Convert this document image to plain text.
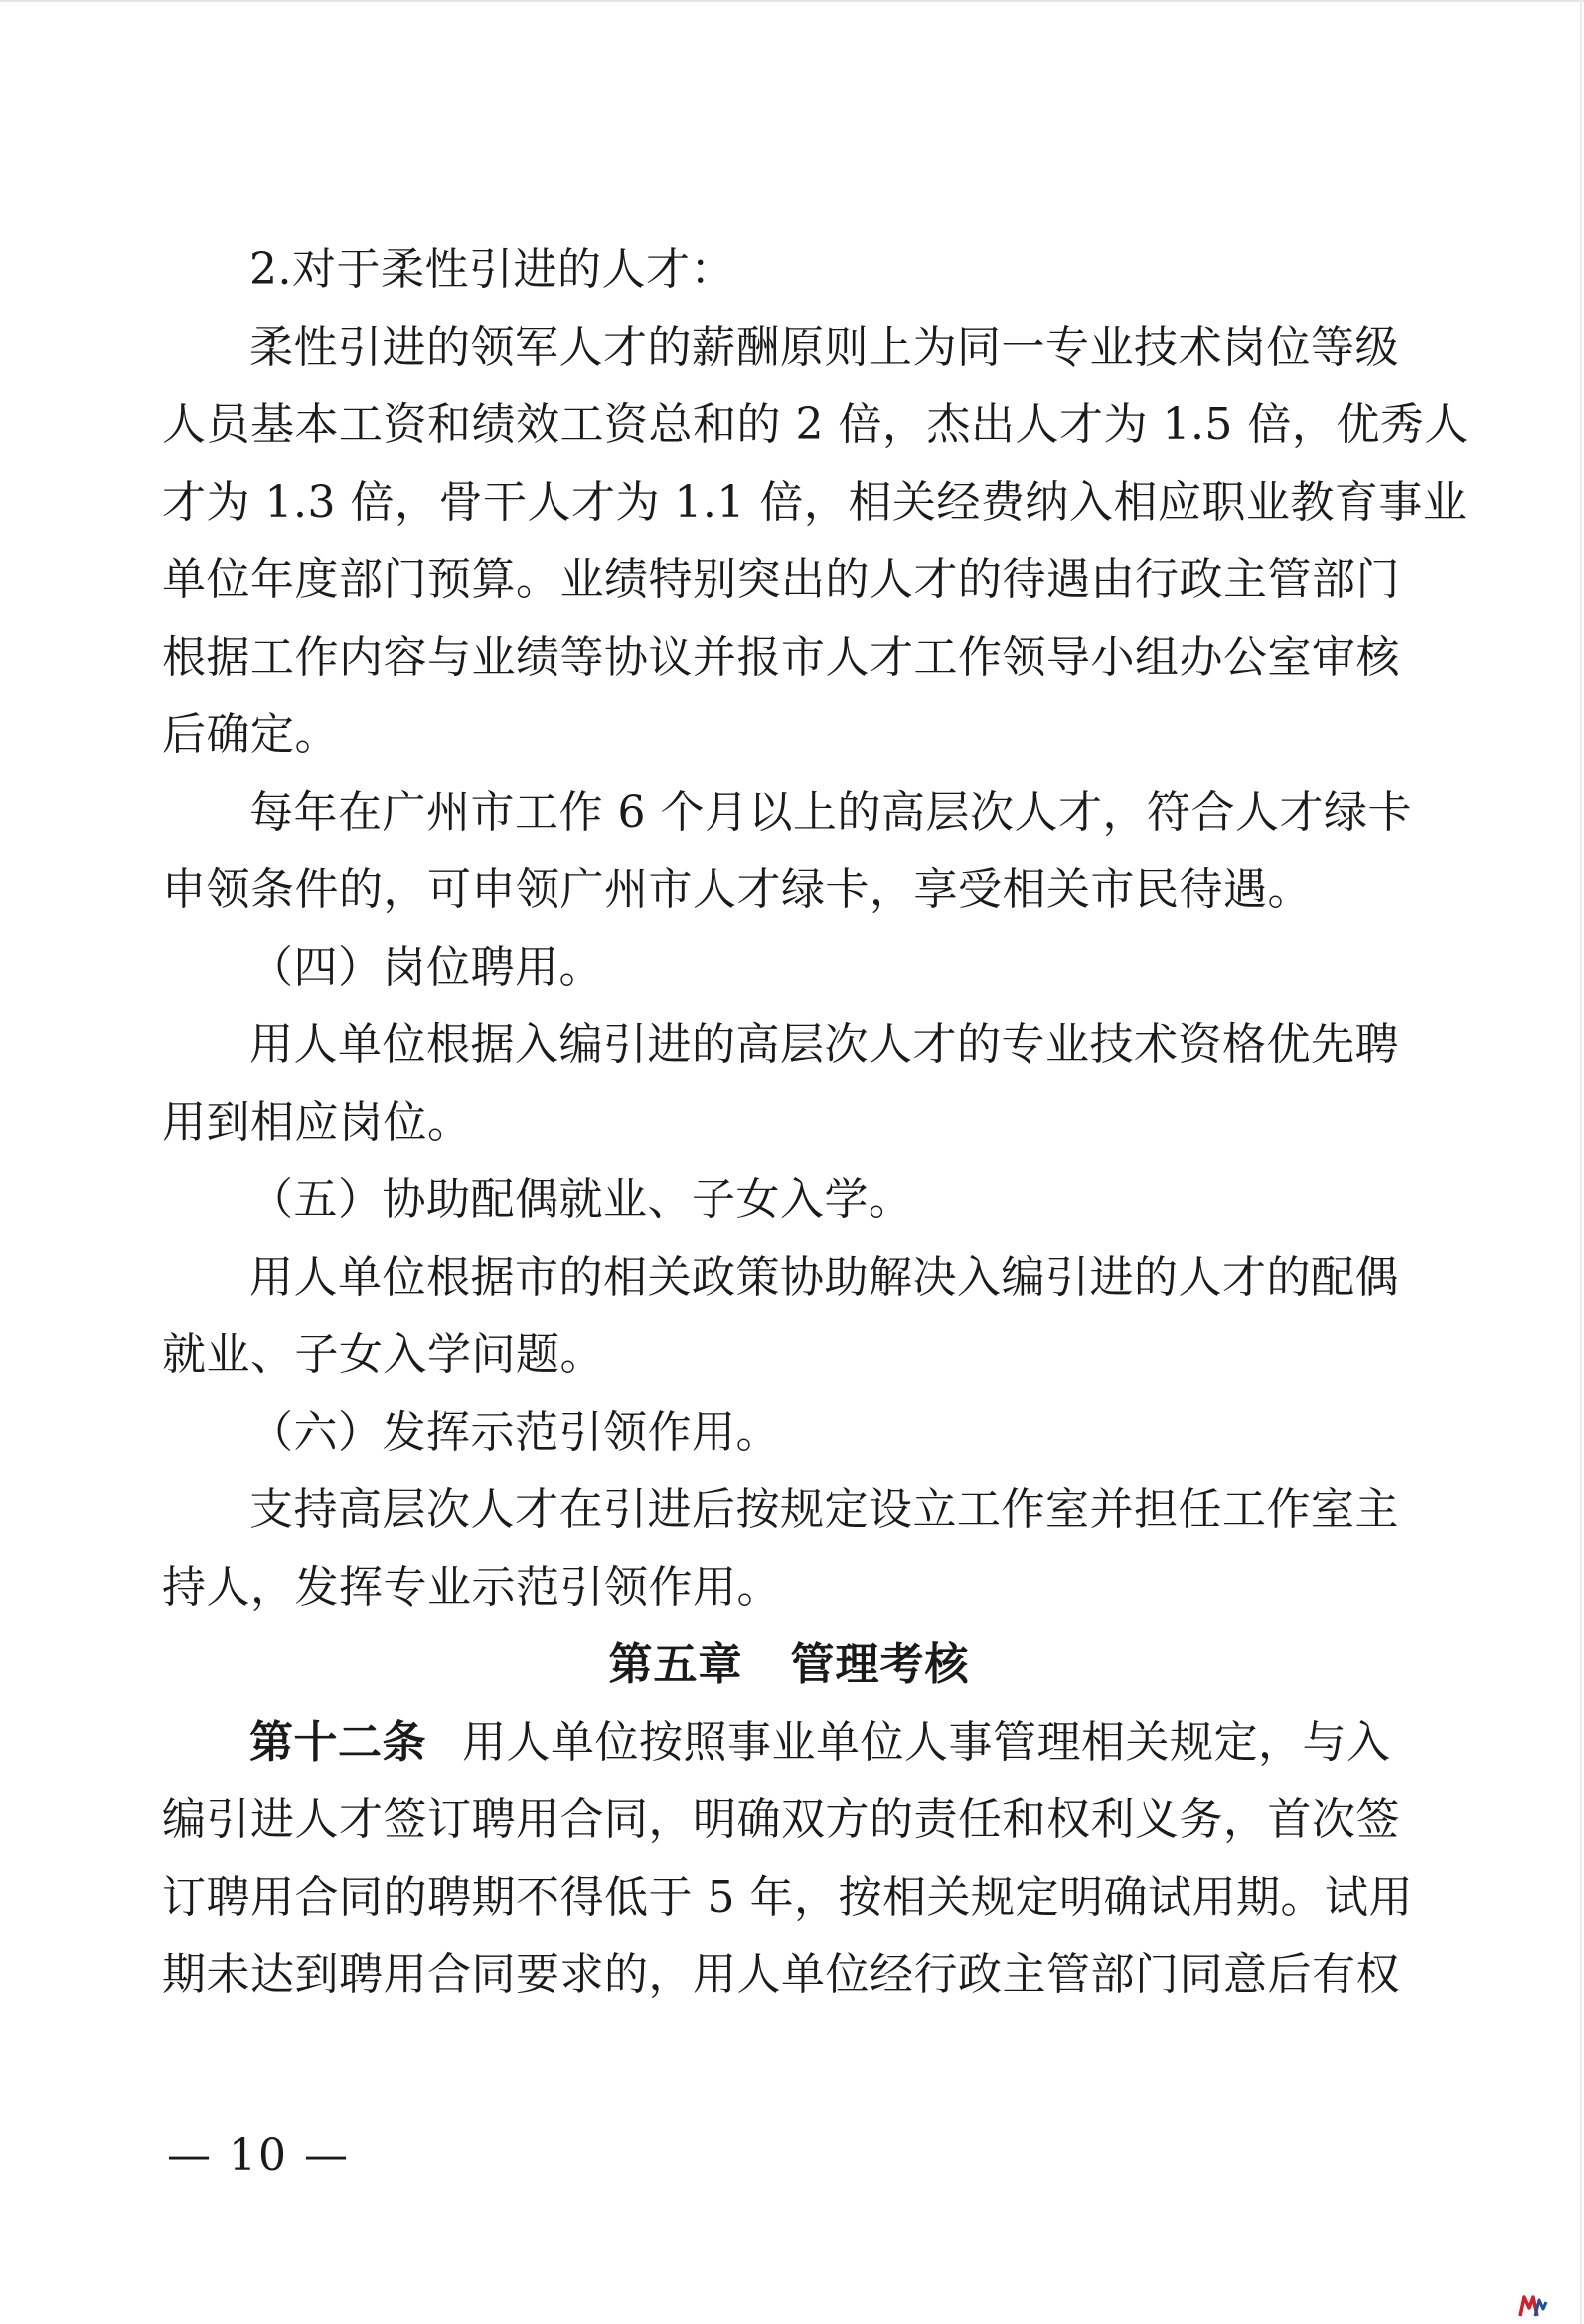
2.对于柔性引进的人才：
柔性引进的领军人才的薪酬原则上为同一专业技术岗位等级
人员基本工资和绩效工资总和的 2 倍，杰出人才为 1.5 倍，优秀人
才为 1.3 倍，骨干人才为 1.1 倍，相关经费纳入相应职业教育事业
单位年度部门预算。业绩特别突出的人才的待遇由行政主管部门
根据工作内容与业绩等协议并报市人才工作领导小组办公室审核
后确定。
每年在广州市工作 6 个月以上的高层次人才，符合人才绿卡
申领条件的，可申领广州市人才绿卡，享受相关市民待遇。
（四）岗位聘用。
用人单位根据入编引进的高层次人才的专业技术资格优先聘
用到相应岗位。
（五）协助配偶就业、子女入学。
用人单位根据市的相关政策协助解决入编引进的人才的配偶
就业、子女入学问题。
（六）发挥示范引领作用。
支持高层次人才在引进后按规定设立工作室并担任工作室主
持人，发挥专业示范引领作用。
第五章 管理考核
第十二条 用人单位按照事业单位人事管理相关规定，与入
编引进人才签订聘用合同，明确双方的责任和权利义务，首次签
订聘用合同的聘期不得低于 5 年，按相关规定明确试用期。试用
期未达到聘用合同要求的，用人单位经行政主管部门同意后有权
— 10 —
